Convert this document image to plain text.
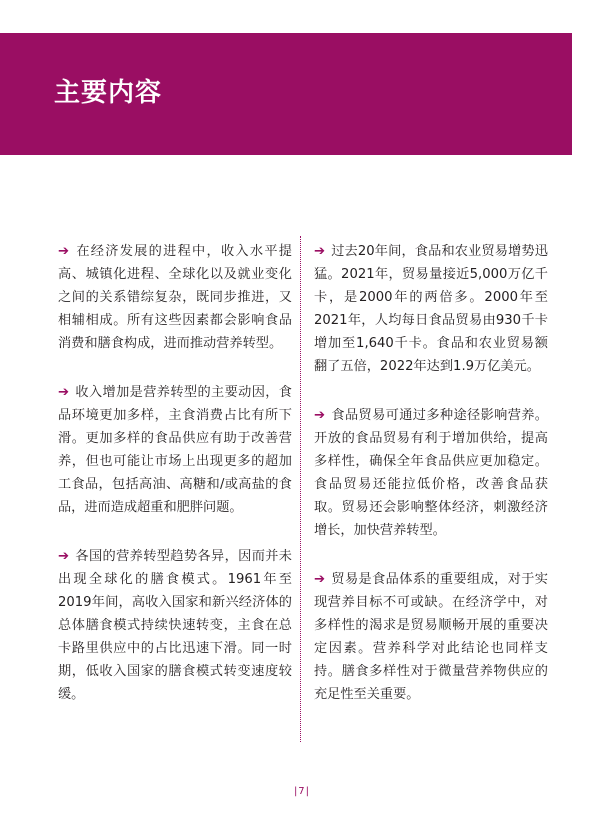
主要内容

➔ 在经济发展的进程中，收入水平提高、城镇化进程、全球化以及就业变化之间的关系错综复杂，既同步推进，又相辅相成。所有这些因素都会影响食品消费和膳食构成，进而推动营养转型。

➔ 收入增加是营养转型的主要动因，食品环境更加多样，主食消费占比有所下滑。更加多样的食品供应有助于改善营养，但也可能让市场上出现更多的超加工食品，包括高油、高糖和/或高盐的食品，进而造成超重和肥胖问题。

➔ 各国的营养转型趋势各异，因而并未出现全球化的膳食模式。1961年至2019年间，高收入国家和新兴经济体的总体膳食模式持续快速转变，主食在总卡路里供应中的占比迅速下滑。同一时期，低收入国家的膳食模式转变速度较缓。

➔ 过去20年间，食品和农业贸易增势迅猛。2021年，贸易量接近5,000万亿千卡，是2000年的两倍多。2000年至2021年，人均每日食品贸易由930千卡增加至1,640千卡。食品和农业贸易额翻了五倍，2022年达到1.9万亿美元。

➔ 食品贸易可通过多种途径影响营养。开放的食品贸易有利于增加供给，提高多样性，确保全年食品供应更加稳定。食品贸易还能拉低价格，改善食品获取。贸易还会影响整体经济，刺激经济增长，加快营养转型。

➔ 贸易是食品体系的重要组成，对于实现营养目标不可或缺。在经济学中，对多样性的渴求是贸易顺畅开展的重要决定因素。营养科学对此结论也同样支持。膳食多样性对于微量营养物供应的充足性至关重要。

|7|
